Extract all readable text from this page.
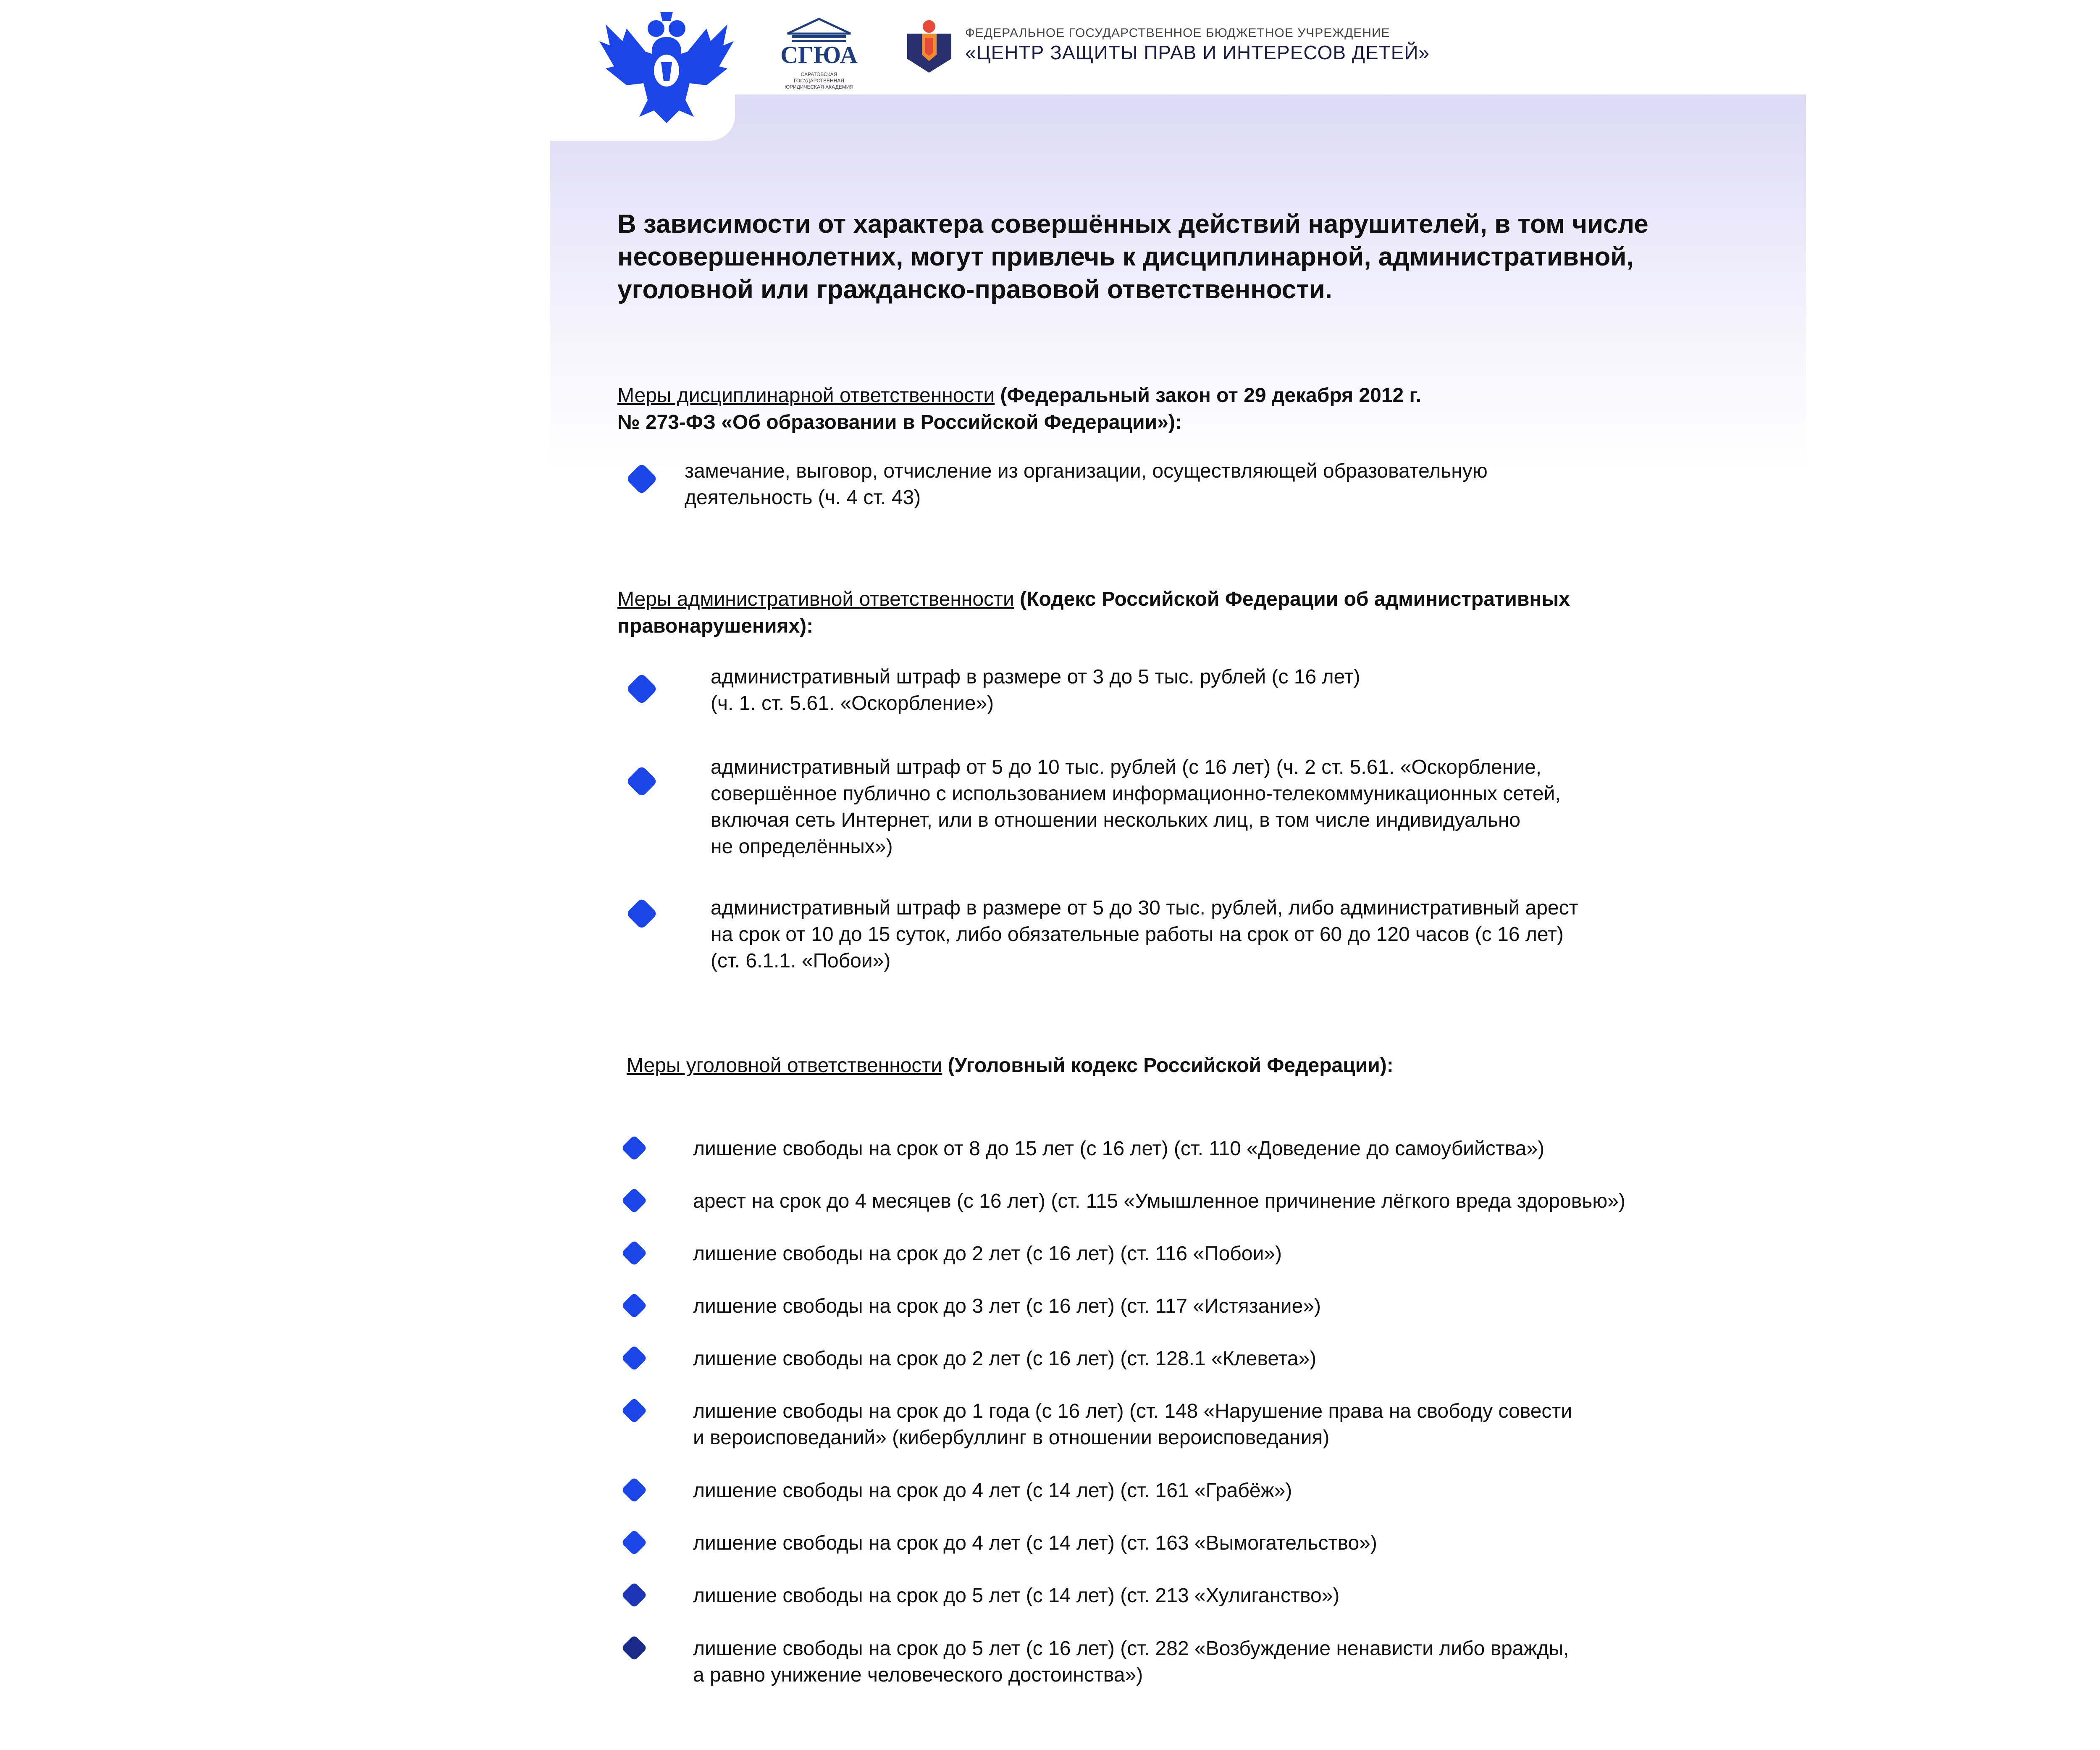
СГЮА
САРАТОВСКАЯ ГОСУДАРСТВЕННАЯ ЮРИДИЧЕСКАЯ АКАДЕМИЯ
ФЕДЕРАЛЬНОЕ ГОСУДАРСТВЕННОЕ БЮДЖЕТНОЕ УЧРЕЖДЕНИЕ
«ЦЕНТР ЗАЩИТЫ ПРАВ И ИНТЕРЕСОВ ДЕТЕЙ»
В зависимости от характера совершённых действий нарушителей, в том числе
несовершеннолетних, могут привлечь к дисциплинарной, административной,
уголовной или гражданско-правовой ответственности.
Меры дисциплинарной ответственности (Федеральный закон от 29 декабря 2012 г.
№ 273-ФЗ «Об образовании в Российской Федерации»):
замечание, выговор, отчисление из организации, осуществляющей образовательную
деятельность (ч. 4 ст. 43)
Меры административной ответственности (Кодекс Российской Федерации об административных
правонарушениях):
административный штраф в размере от 3 до 5 тыс. рублей (с 16 лет)
(ч. 1. ст. 5.61. «Оскорбление»)
административный штраф от 5 до 10 тыс. рублей (с 16 лет) (ч. 2 ст. 5.61. «Оскорбление,
совершённое публично с использованием информационно-телекоммуникационных сетей,
включая сеть Интернет, или в отношении нескольких лиц, в том числе индивидуально
не определённых»)
административный штраф в размере от 5 до 30 тыс. рублей, либо административный арест
на срок от 10 до 15 суток, либо обязательные работы на срок от 60 до 120 часов (с 16 лет)
(ст. 6.1.1. «Побои»)
Меры уголовной ответственности (Уголовный кодекс Российской Федерации):
лишение свободы на срок от 8 до 15 лет (с 16 лет) (ст. 110 «Доведение до самоубийства»)
арест на срок до 4 месяцев (с 16 лет) (ст. 115 «Умышленное причинение лёгкого вреда здоровью»)
лишение свободы на срок до 2 лет (с 16 лет) (ст. 116 «Побои»)
лишение свободы на срок до 3 лет (с 16 лет) (ст. 117 «Истязание»)
лишение свободы на срок до 2 лет (с 16 лет) (ст. 128.1 «Клевета»)
лишение свободы на срок до 1 года (с 16 лет) (ст. 148 «Нарушение права на свободу совести
и вероисповеданий» (кибербуллинг в отношении вероисповедания)
лишение свободы на срок до 4 лет (с 14 лет) (ст. 161 «Грабёж»)
лишение свободы на срок до 4 лет (с 14 лет) (ст. 163 «Вымогательство»)
лишение свободы на срок до 5 лет (с 14 лет) (ст. 213 «Хулиганство»)
лишение свободы на срок до 5 лет (с 16 лет) (ст. 282 «Возбуждение ненависти либо вражды,
а равно унижение человеческого достоинства»)
